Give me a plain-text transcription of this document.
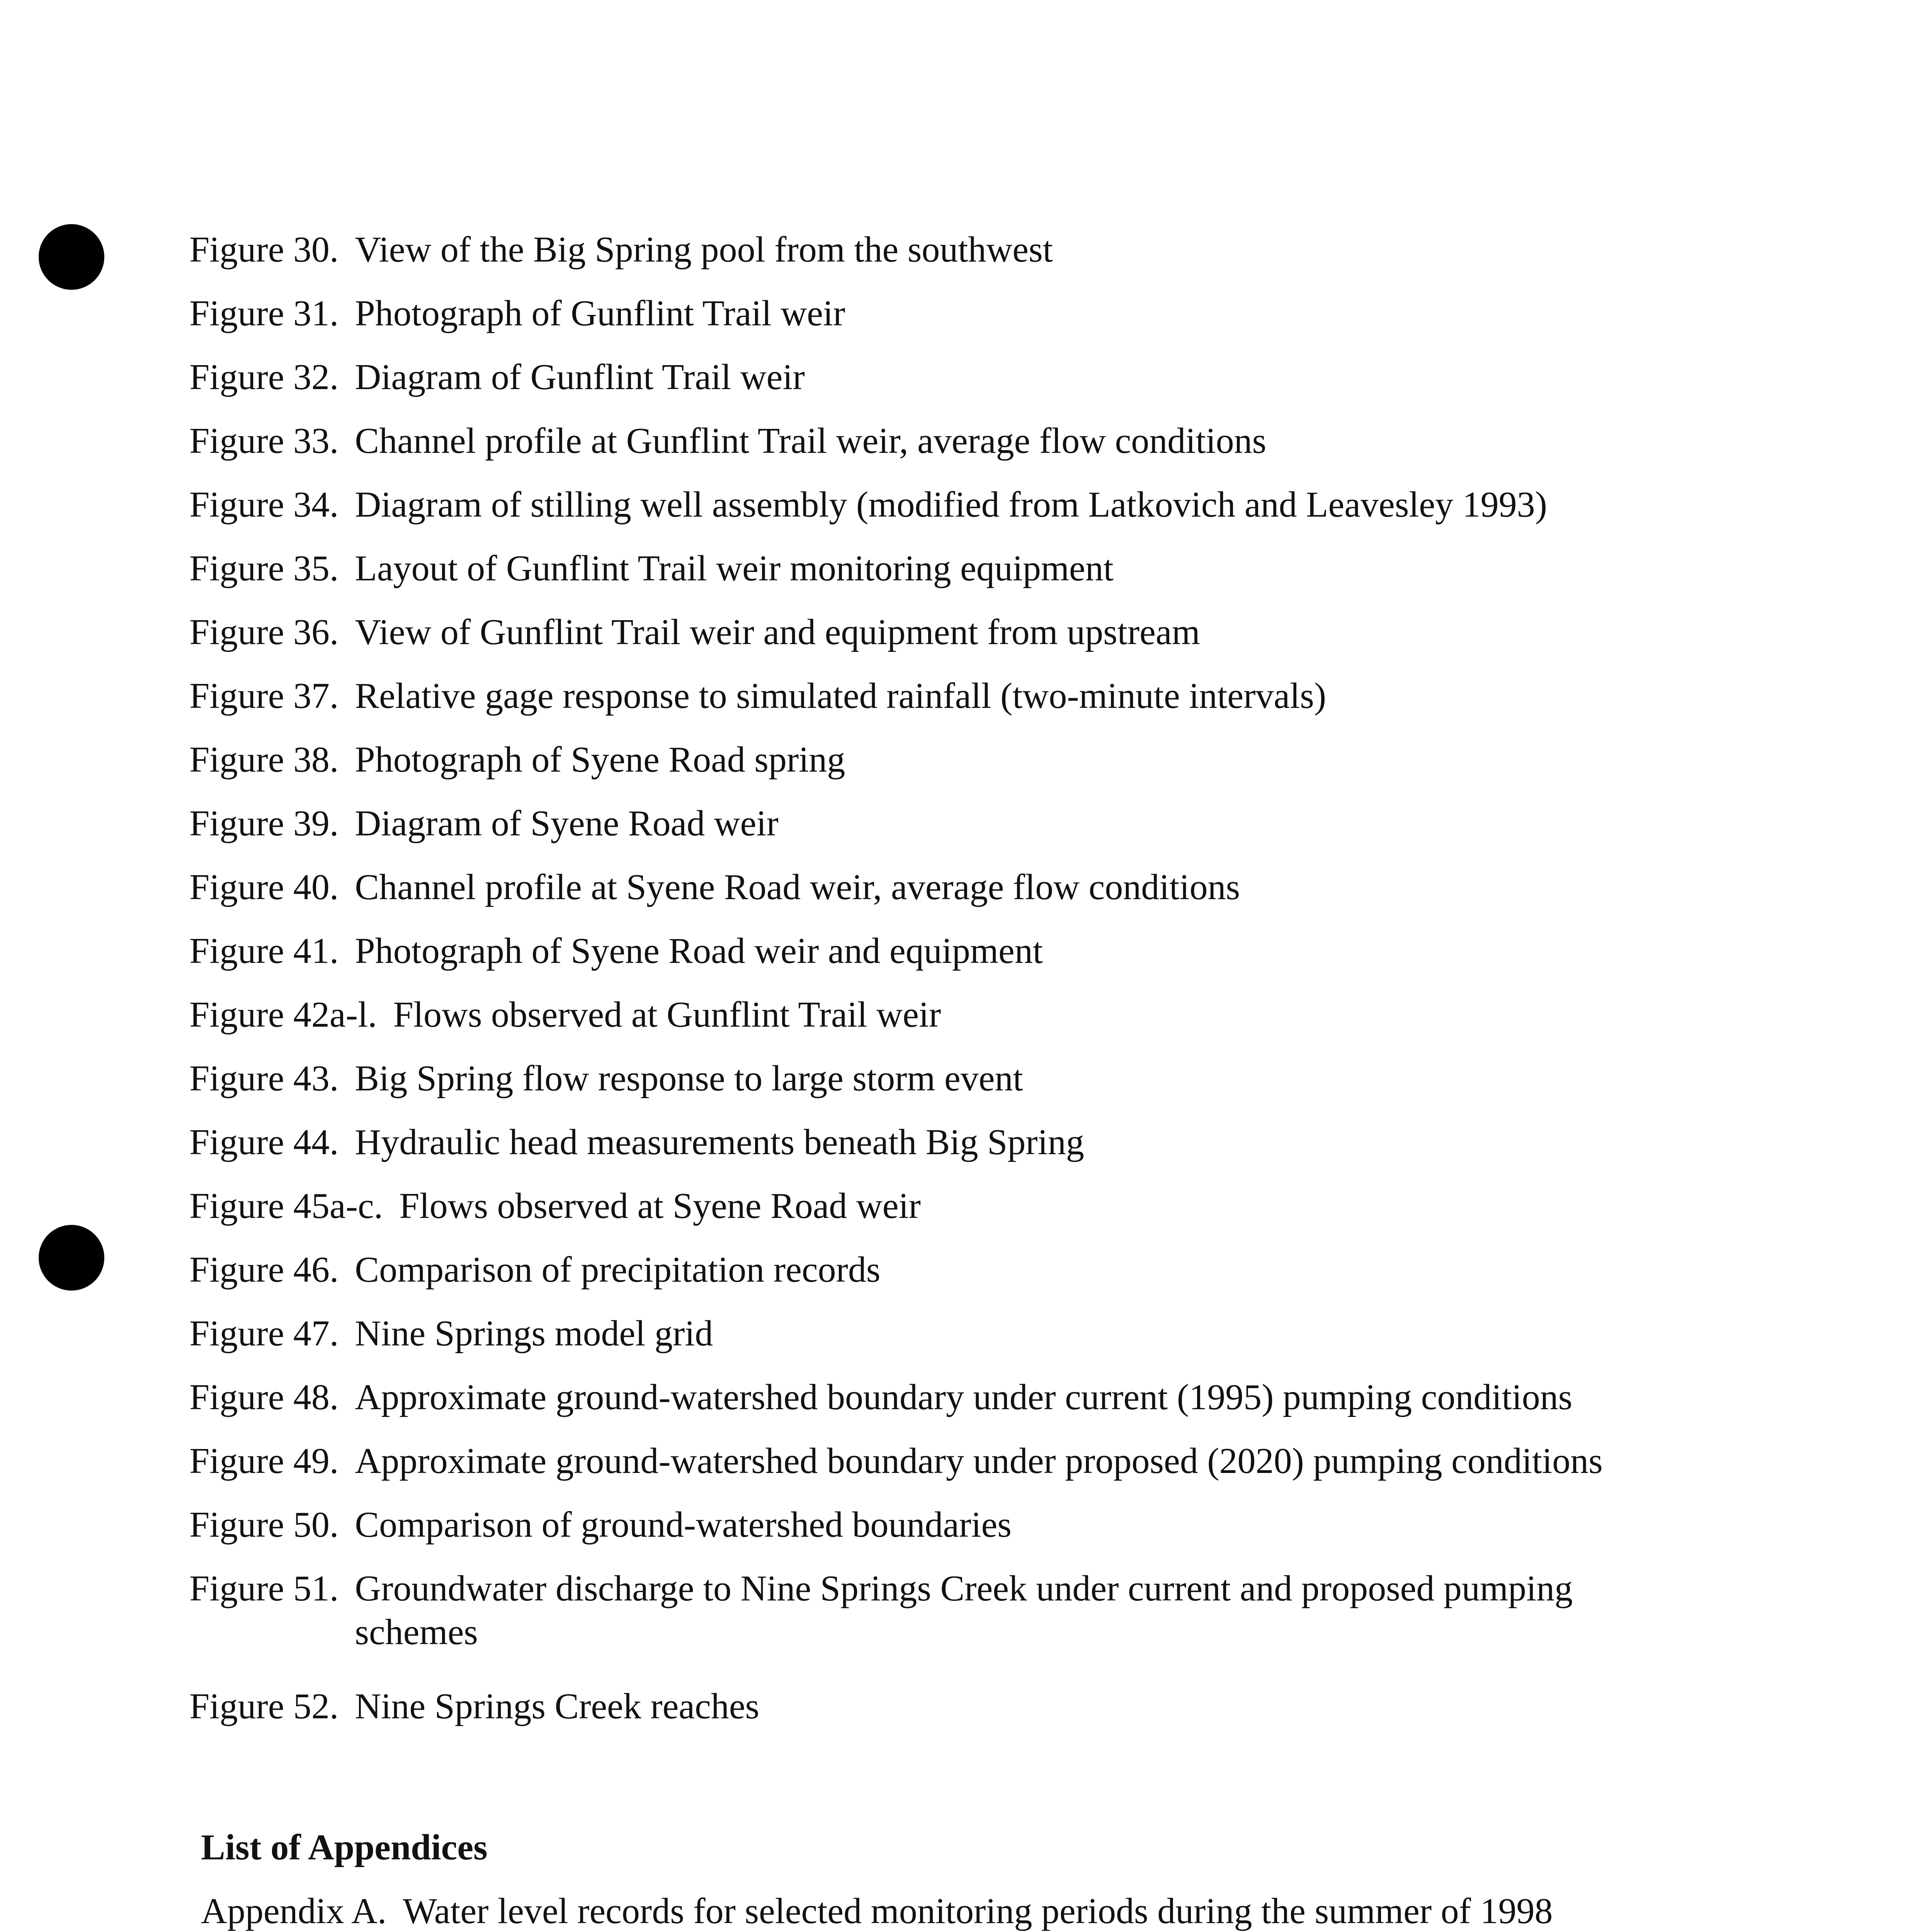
Figure 30. View of the Big Spring pool from the southwest
Figure 31. Photograph of Gunflint Trail weir
Figure 32. Diagram of Gunflint Trail weir
Figure 33. Channel profile at Gunflint Trail weir, average flow conditions
Figure 34. Diagram of stilling well assembly (modified from Latkovich and Leavesley 1993)
Figure 35. Layout of Gunflint Trail weir monitoring equipment
Figure 36. View of Gunflint Trail weir and equipment from upstream
Figure 37. Relative gage response to simulated rainfall (two-minute intervals)
Figure 38. Photograph of Syene Road spring
Figure 39. Diagram of Syene Road weir
Figure 40. Channel profile at Syene Road weir, average flow conditions
Figure 41. Photograph of Syene Road weir and equipment
Figure 42a-l. Flows observed at Gunflint Trail weir
Figure 43. Big Spring flow response to large storm event
Figure 44. Hydraulic head measurements beneath Big Spring
Figure 45a-c. Flows observed at Syene Road weir
Figure 46. Comparison of precipitation records
Figure 47. Nine Springs model grid
Figure 48. Approximate ground-watershed boundary under current (1995) pumping conditions
Figure 49. Approximate ground-watershed boundary under proposed (2020) pumping conditions
Figure 50. Comparison of ground-watershed boundaries
Figure 51. Groundwater discharge to Nine Springs Creek under current and proposed pumping schemes
Figure 52. Nine Springs Creek reaches
List of Appendices
Appendix A. Water level records for selected monitoring periods during the summer of 1998
